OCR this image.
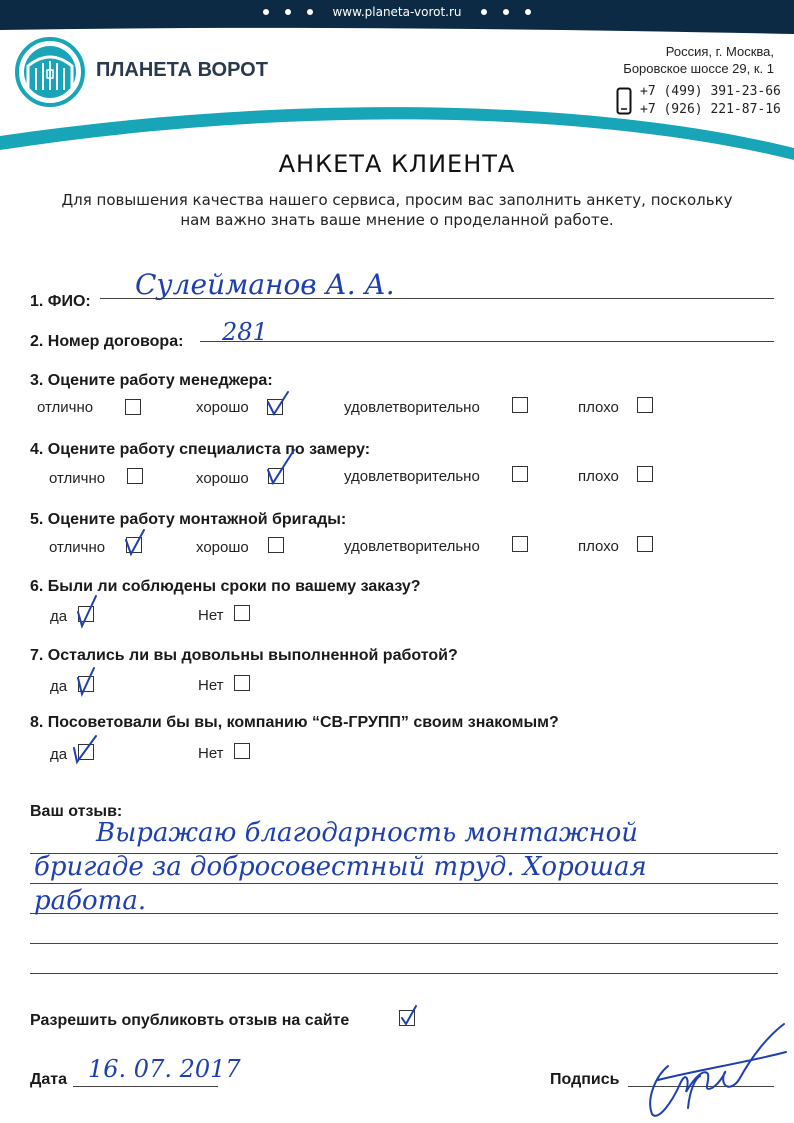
www.planeta-vorot.ru
ПЛАНЕТА ВОРОТ
Россия, г. Москва,
Боровское шоссе 29, к. 1
+7 (499) 391-23-66
+7 (926) 221-87-16
АНКЕТА КЛИЕНТА
Для повышения качества нашего сервиса, просим вас заполнить анкету, поскольку
нам важно знать ваше мнение о проделанной работе.
1. ФИО:
Сулейманов А. А.
2. Номер договора: 281
3. Оцените работу менеджера:
отлично	хорошо	удовлетворительно	плохо
4. Оцените работу специалиста по замеру:
отлично	хорошо	удовлетворительно	плохо
5. Оцените работу монтажной бригады:
отлично	хорошо	удовлетворительно	плохо
6. Были ли соблюдены сроки по вашему заказу?
да	Нет
7. Остались ли вы довольны выполненной работой?
да	Нет
8. Посоветовали бы вы, компанию “СВ-ГРУПП” своим знакомым?
да	Нет
Ваш отзыв:
Выражаю благодарность монтажной
бригаде за добросовестный труд. Хорошая
работа.
Разрешить опубликовть отзыв на сайте
Дата 16. 07. 2017	Подпись
